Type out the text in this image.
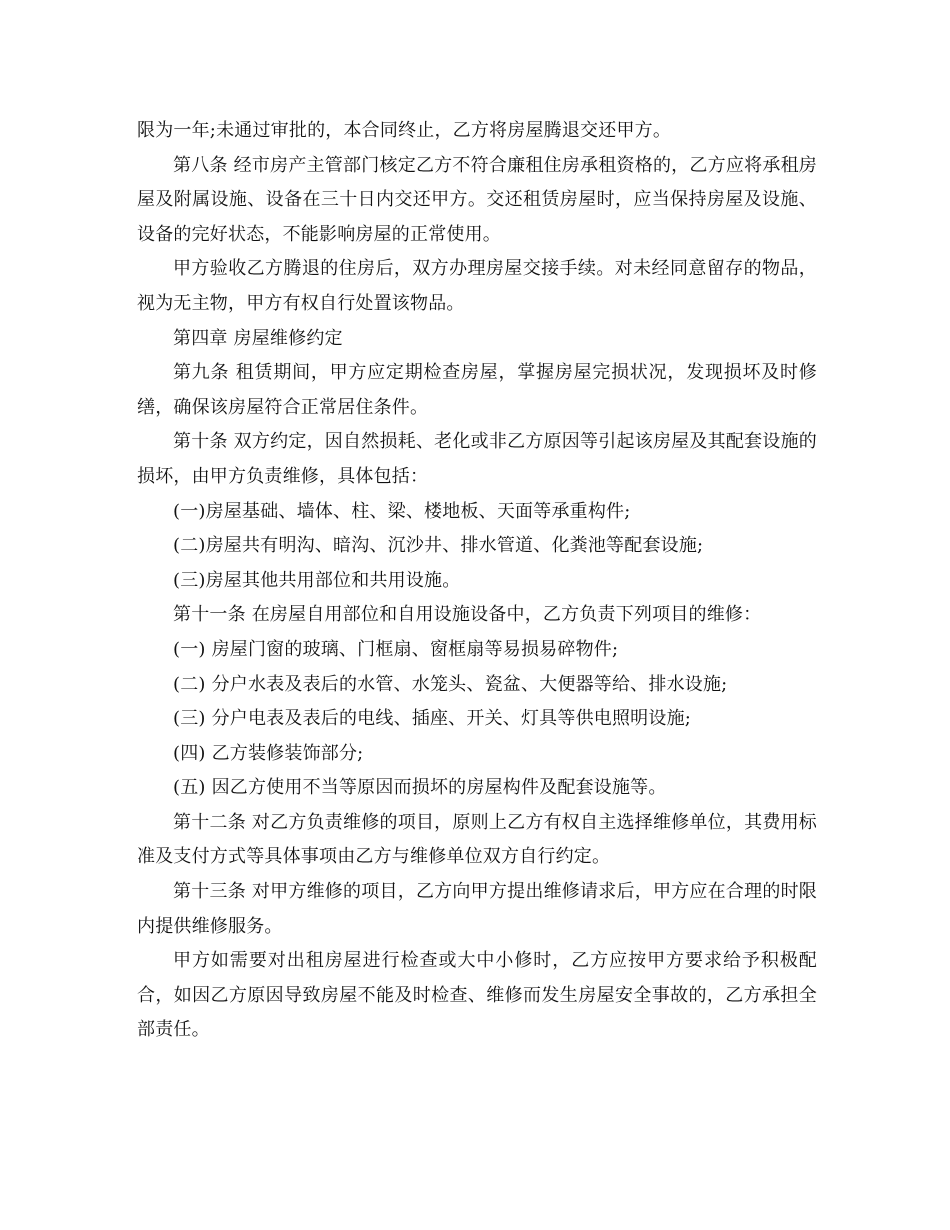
限为一年;未通过审批的，本合同终止，乙方将房屋腾退交还甲方。

第八条 经市房产主管部门核定乙方不符合廉租住房承租资格的，乙方应将承租房屋及附属设施、设备在三十日内交还甲方。交还租赁房屋时，应当保持房屋及设施、设备的完好状态，不能影响房屋的正常使用。

甲方验收乙方腾退的住房后，双方办理房屋交接手续。对未经同意留存的物品，视为无主物，甲方有权自行处置该物品。

第四章 房屋维修约定

第九条 租赁期间，甲方应定期检查房屋，掌握房屋完损状况，发现损坏及时修缮，确保该房屋符合正常居住条件。

第十条 双方约定，因自然损耗、老化或非乙方原因等引起该房屋及其配套设施的损坏，由甲方负责维修，具体包括：

(一)房屋基础、墙体、柱、梁、楼地板、天面等承重构件;

(二)房屋共有明沟、暗沟、沉沙井、排水管道、化粪池等配套设施;

(三)房屋其他共用部位和共用设施。

第十一条 在房屋自用部位和自用设施设备中，乙方负责下列项目的维修：

(一) 房屋门窗的玻璃、门框扇、窗框扇等易损易碎物件;

(二) 分户水表及表后的水管、水笼头、瓷盆、大便器等给、排水设施;

(三) 分户电表及表后的电线、插座、开关、灯具等供电照明设施;

(四) 乙方装修装饰部分;

(五) 因乙方使用不当等原因而损坏的房屋构件及配套设施等。

第十二条 对乙方负责维修的项目，原则上乙方有权自主选择维修单位，其费用标准及支付方式等具体事项由乙方与维修单位双方自行约定。

第十三条 对甲方维修的项目，乙方向甲方提出维修请求后，甲方应在合理的时限内提供维修服务。

甲方如需要对出租房屋进行检查或大中小修时，乙方应按甲方要求给予积极配合，如因乙方原因导致房屋不能及时检查、维修而发生房屋安全事故的，乙方承担全部责任。
